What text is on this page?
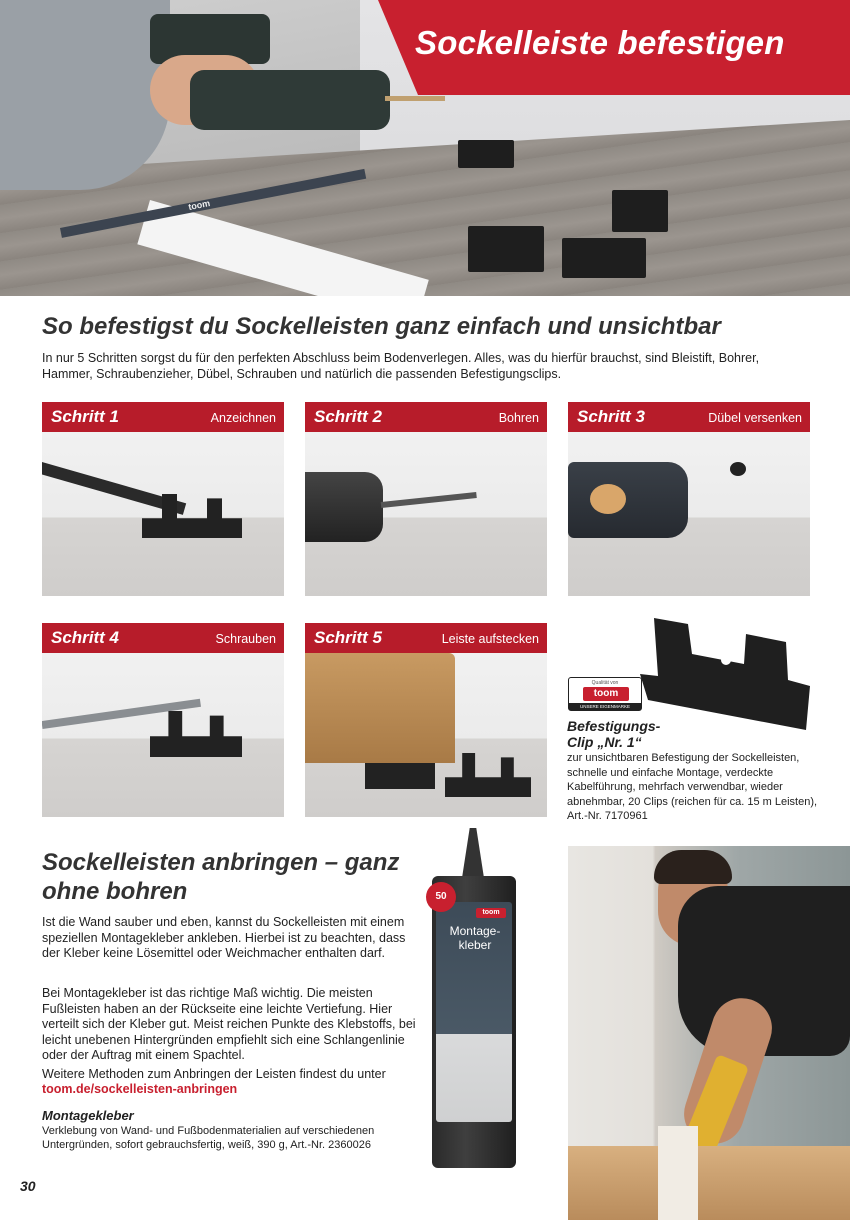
toom
Sockelleiste befestigen
So befestigst du Sockelleisten ganz einfach und unsichtbar
In nur 5 Schritten sorgst du für den perfekten Abschluss beim Bodenverlegen. Alles, was du hierfür brauchst, sind Bleistift, Bohrer, Hammer, Schraubenzieher, Dübel, Schrauben und natürlich die passenden Befestigungsclips.
Schritt 1	Anzeichnen Schritt 2	Bohren Schritt 3	Dübel versenken
Schritt 4	Schrauben Schritt 5	Leiste aufstecken
Qualität von
toom
UNSERE EIGENMARKE
Befestigungs-
Clip „Nr. 1“
zur unsichtbaren Befestigung der Sockelleisten, schnelle und einfache Montage, verdeckte Kabelführung, mehrfach verwendbar, wieder abnehmbar, 20 Clips (reichen für ca. 15 m Leisten), Art.-Nr. 7170961
Sockelleisten anbringen – ganz ohne bohren
Ist die Wand sauber und eben, kannst du Sockelleisten mit einem speziellen Montagekleber ankleben. Hierbei ist zu beachten, dass der Kleber keine Lösemittel oder Weichmacher enthalten darf.
Bei Montagekleber ist das richtige Maß wichtig. Die meisten Fußleisten haben an der Rückseite eine leichte Vertiefung. Hier verteilt sich der Kleber gut. Meist reichen Punkte des Klebstoffs, bei leicht unebenen Hintergründen empfiehlt sich eine Schlangenlinie oder der Auftrag mit einem Spachtel.
Weitere Methoden zum Anbringen der Leisten findest du unter
toom.de/sockelleisten-anbringen
Montagekleber
Verklebung von Wand- und Fußbodenmaterialien auf verschiedenen Untergründen, sofort gebrauchsfertig, weiß, 390 g, Art.-Nr. 2360026
toom
Montage-
kleber
50
30
